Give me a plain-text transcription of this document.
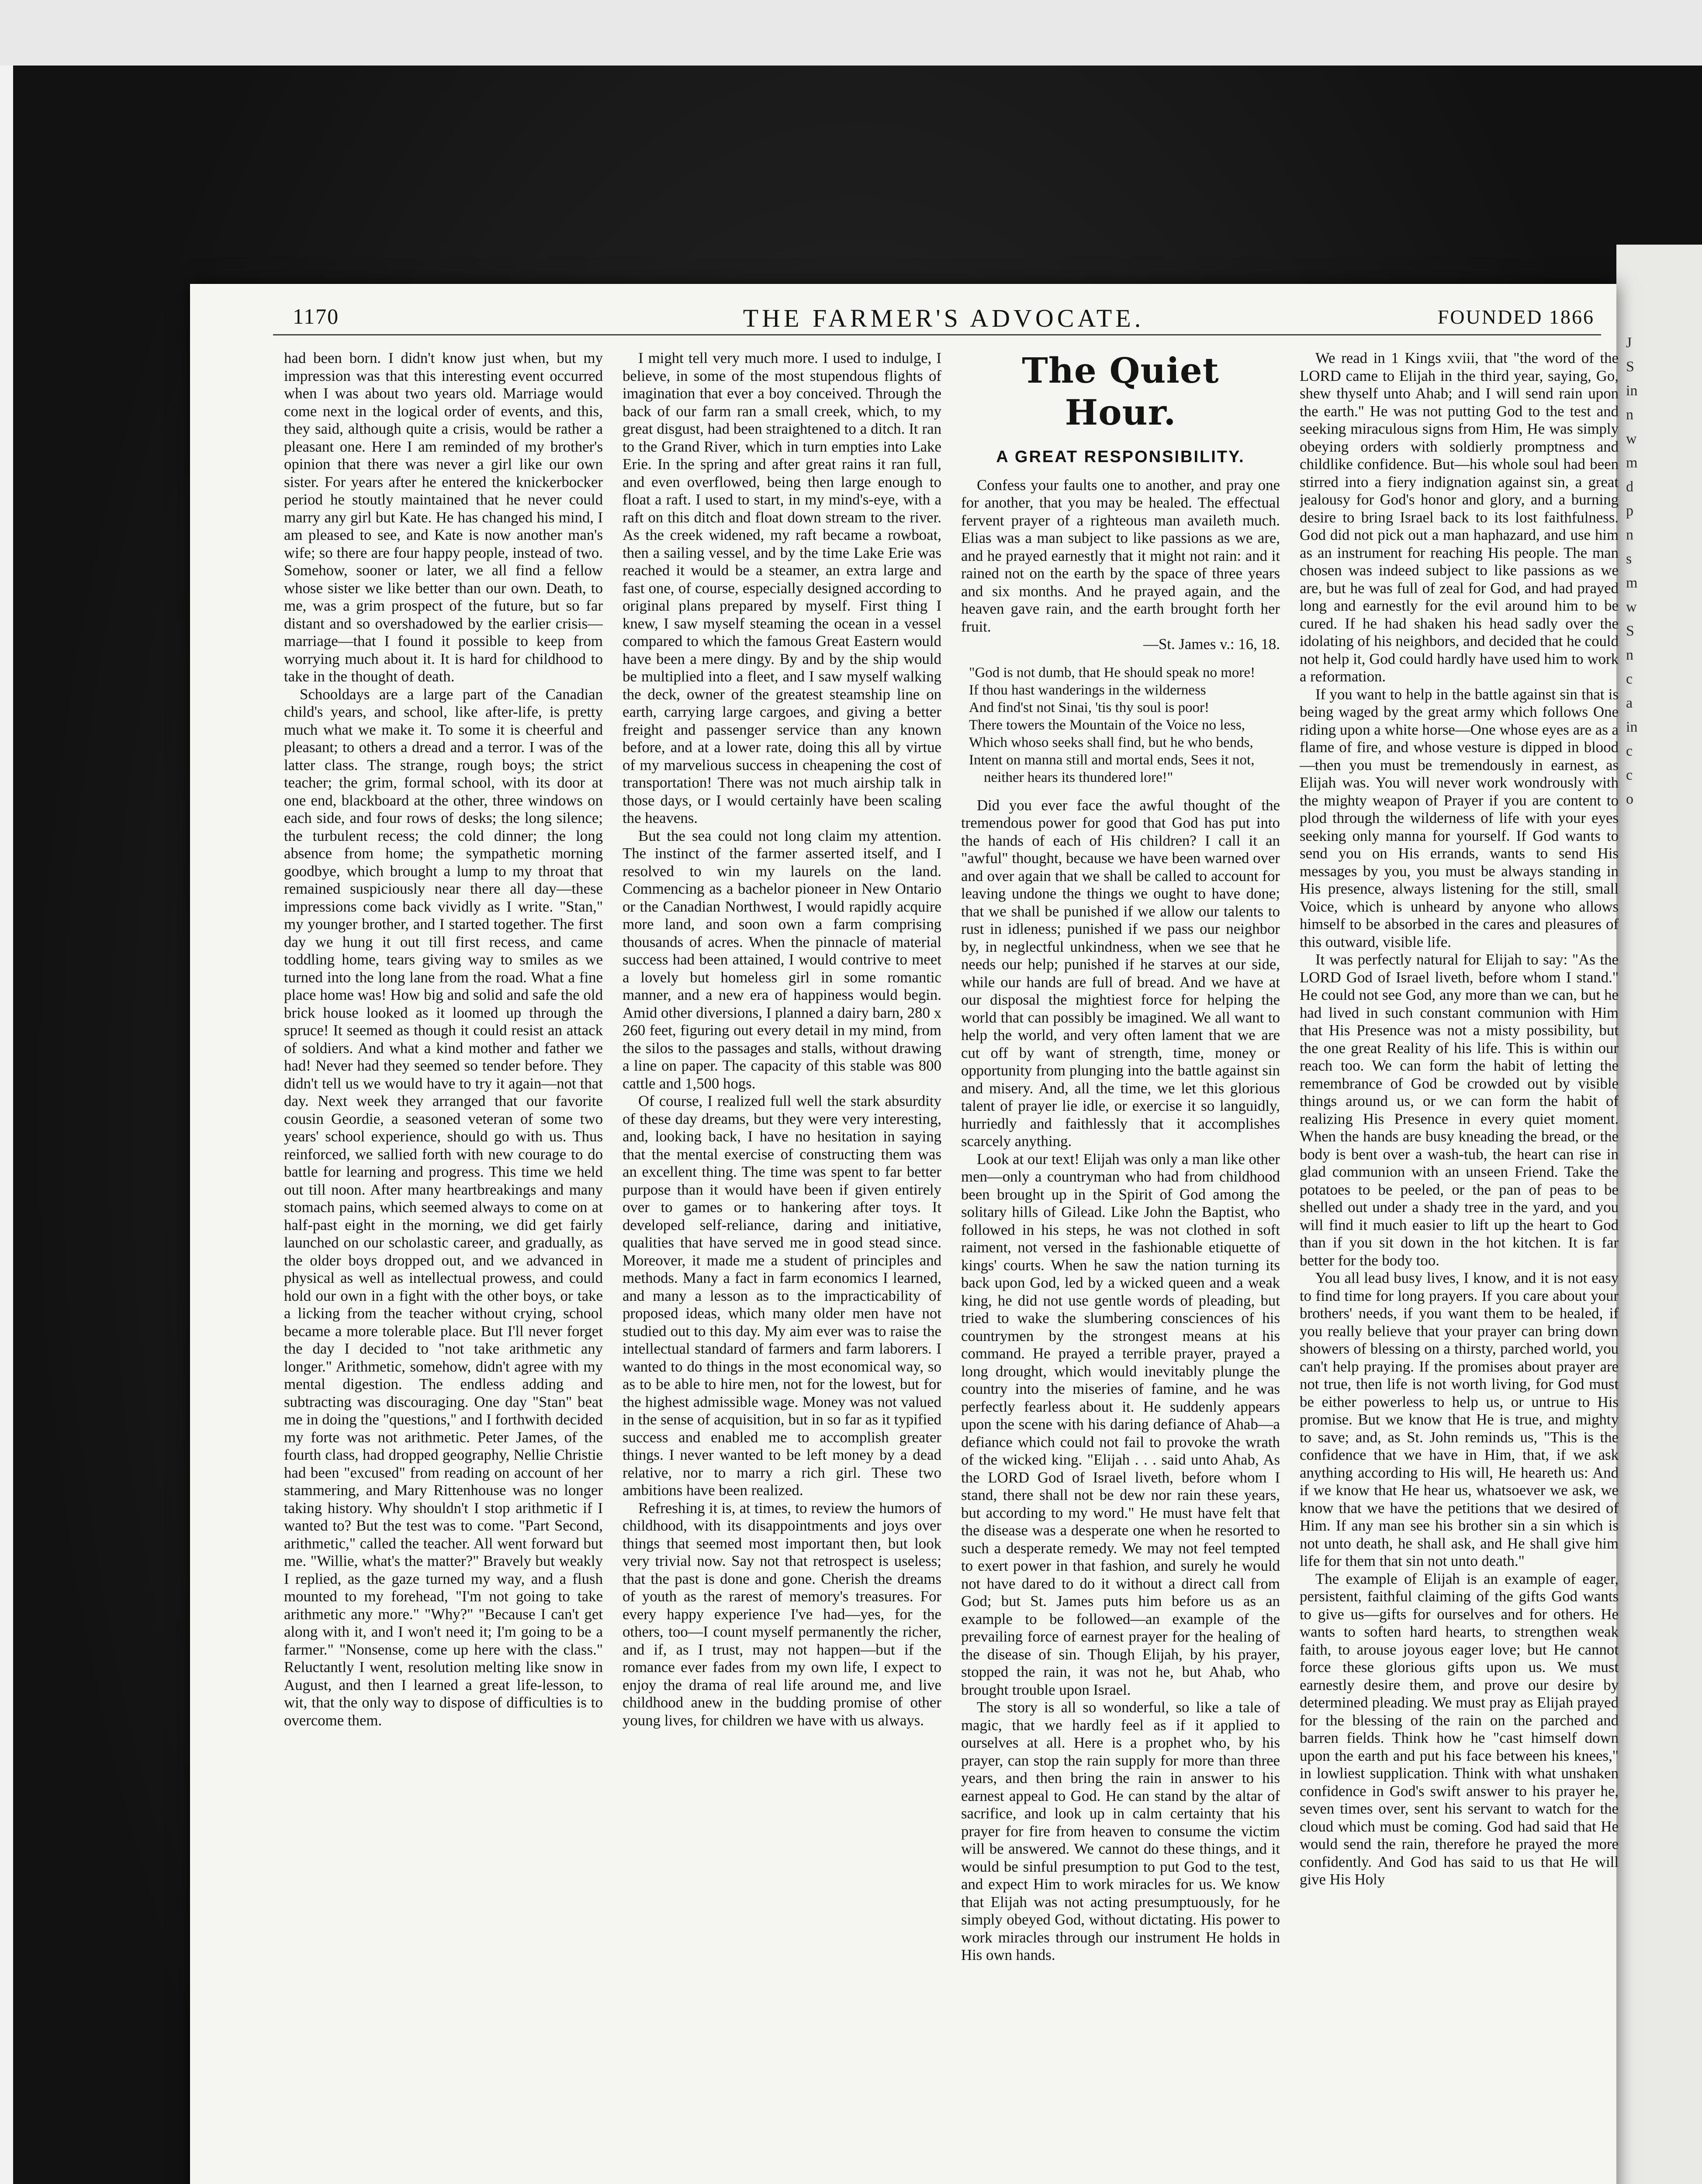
J
S
in
n
w
m
d
p
n
s
m
w
S
n
c
a
in
c
c
o
1170	THE FARMER'S ADVOCATE.	FOUNDED 1866

had been born. I didn't know just when, but my impression was that this interesting event occurred when I was about two years old. Marriage would come next in the logical order of events, and this, they said, although quite a crisis, would be rather a pleasant one. Here I am reminded of my brother's opinion that there was never a girl like our own sister. For years after he entered the knickerbocker period he stoutly maintained that he never could marry any girl but Kate. He has changed his mind, I am pleased to see, and Kate is now another man's wife; so there are four happy people, instead of two. Somehow, sooner or later, we all find a fellow whose sister we like better than our own. Death, to me, was a grim prospect of the future, but so far distant and so overshadowed by the earlier crisis—marriage—that I found it possible to keep from worrying much about it. It is hard for childhood to take in the thought of death.

Schooldays are a large part of the Canadian child's years, and school, like after-life, is pretty much what we make it. To some it is cheerful and pleasant; to others a dread and a terror. I was of the latter class. The strange, rough boys; the strict teacher; the grim, formal school, with its door at one end, blackboard at the other, three windows on each side, and four rows of desks; the long silence; the turbulent recess; the cold dinner; the long absence from home; the sympathetic morning goodbye, which brought a lump to my throat that remained suspiciously near there all day—these impressions come back vividly as I write. "Stan," my younger brother, and I started together. The first day we hung it out till first recess, and came toddling home, tears giving way to smiles as we turned into the long lane from the road. What a fine place home was! How big and solid and safe the old brick house looked as it loomed up through the spruce! It seemed as though it could resist an attack of soldiers. And what a kind mother and father we had! Never had they seemed so tender before. They didn't tell us we would have to try it again—not that day. Next week they arranged that our favorite cousin Geordie, a seasoned veteran of some two years' school experience, should go with us. Thus reinforced, we sallied forth with new courage to do battle for learning and progress. This time we held out till noon. After many heartbreakings and many stomach pains, which seemed always to come on at half-past eight in the morning, we did get fairly launched on our scholastic career, and gradually, as the older boys dropped out, and we advanced in physical as well as intellectual prowess, and could hold our own in a fight with the other boys, or take a licking from the teacher without crying, school became a more tolerable place. But I'll never forget the day I decided to "not take arithmetic any longer." Arithmetic, somehow, didn't agree with my mental digestion. The endless adding and subtracting was discouraging. One day "Stan" beat me in doing the "questions," and I forthwith decided my forte was not arithmetic. Peter James, of the fourth class, had dropped geography, Nellie Christie had been "excused" from reading on account of her stammering, and Mary Rittenhouse was no longer taking history. Why shouldn't I stop arithmetic if I wanted to? But the test was to come. "Part Second, arithmetic," called the teacher. All went forward but me. "Willie, what's the matter?" Bravely but weakly I replied, as the gaze turned my way, and a flush mounted to my forehead, "I'm not going to take arithmetic any more." "Why?" "Because I can't get along with it, and I won't need it; I'm going to be a farmer." "Nonsense, come up here with the class." Reluctantly I went, resolution melting like snow in August, and then I learned a great life-lesson, to wit, that the only way to dispose of difficulties is to overcome them.

I might tell very much more. I used to indulge, I believe, in some of the most stupendous flights of imagination that ever a boy conceived. Through the back of our farm ran a small creek, which, to my great disgust, had been straightened to a ditch. It ran to the Grand River, which in turn empties into Lake Erie. In the spring and after great rains it ran full, and even overflowed, being then large enough to float a raft. I used to start, in my mind's-eye, with a raft on this ditch and float down stream to the river. As the creek widened, my raft became a rowboat, then a sailing vessel, and by the time Lake Erie was reached it would be a steamer, an extra large and fast one, of course, especially designed according to original plans prepared by myself. First thing I knew, I saw myself steaming the ocean in a vessel compared to which the famous Great Eastern would have been a mere dingy. By and by the ship would be multiplied into a fleet, and I saw myself walking the deck, owner of the greatest steamship line on earth, carrying large cargoes, and giving a better freight and passenger service than any known before, and at a lower rate, doing this all by virtue of my marvelious success in cheapening the cost of transportation! There was not much airship talk in those days, or I would certainly have been scaling the heavens.

But the sea could not long claim my attention. The instinct of the farmer asserted itself, and I resolved to win my laurels on the land. Commencing as a bachelor pioneer in New Ontario or the Canadian Northwest, I would rapidly acquire more land, and soon own a farm comprising thousands of acres. When the pinnacle of material success had been attained, I would contrive to meet a lovely but homeless girl in some romantic manner, and a new era of happiness would begin. Amid other diversions, I planned a dairy barn, 280 x 260 feet, figuring out every detail in my mind, from the silos to the passages and stalls, without drawing a line on paper. The capacity of this stable was 800 cattle and 1,500 hogs.

Of course, I realized full well the stark absurdity of these day dreams, but they were very interesting, and, looking back, I have no hesitation in saying that the mental exercise of constructing them was an excellent thing. The time was spent to far better purpose than it would have been if given entirely over to games or to hankering after toys. It developed self-reliance, daring and initiative, qualities that have served me in good stead since. Moreover, it made me a student of principles and methods. Many a fact in farm economics I learned, and many a lesson as to the impracticability of proposed ideas, which many older men have not studied out to this day. My aim ever was to raise the intellectual standard of farmers and farm laborers. I wanted to do things in the most economical way, so as to be able to hire men, not for the lowest, but for the highest admissible wage. Money was not valued in the sense of acquisition, but in so far as it typified success and enabled me to accomplish greater things. I never wanted to be left money by a dead relative, nor to marry a rich girl. These two ambitions have been realized.

Refreshing it is, at times, to review the humors of childhood, with its disappointments and joys over things that seemed most important then, but look very trivial now. Say not that retrospect is useless; that the past is done and gone. Cherish the dreams of youth as the rarest of memory's treasures. For every happy experience I've had—yes, for the others, too—I count myself permanently the richer, and if, as I trust, may not happen—but if the romance ever fades from my own life, I expect to enjoy the drama of real life around me, and live childhood anew in the budding promise of other young lives, for children we have with us always.

The Quiet Hour.
A GREAT RESPONSIBILITY.

Confess your faults one to another, and pray one for another, that you may be healed. The effectual fervent prayer of a righteous man availeth much. Elias was a man subject to like passions as we are, and he prayed earnestly that it might not rain: and it rained not on the earth by the space of three years and six months. And he prayed again, and the heaven gave rain, and the earth brought forth her fruit.

—St. James v.: 16, 18.
"God is not dumb, that He should speak no more!
If thou hast wanderings in the wilderness
And find'st not Sinai, 'tis thy soul is poor!
There towers the Mountain of the Voice no less,
Which whoso seeks shall find, but he who bends,
Intent on manna still and mortal ends, Sees it not, neither hears its thundered lore!"

Did you ever face the awful thought of the tremendous power for good that God has put into the hands of each of His children? I call it an "awful" thought, because we have been warned over and over again that we shall be called to account for leaving undone the things we ought to have done; that we shall be punished if we allow our talents to rust in idleness; punished if we pass our neighbor by, in neglectful unkindness, when we see that he needs our help; punished if he starves at our side, while our hands are full of bread. And we have at our disposal the mightiest force for helping the world that can possibly be imagined. We all want to help the world, and very often lament that we are cut off by want of strength, time, money or opportunity from plunging into the battle against sin and misery. And, all the time, we let this glorious talent of prayer lie idle, or exercise it so languidly, hurriedly and faithlessly that it accomplishes scarcely anything.

Look at our text! Elijah was only a man like other men—only a countryman who had from childhood been brought up in the Spirit of God among the solitary hills of Gilead. Like John the Baptist, who followed in his steps, he was not clothed in soft raiment, not versed in the fashionable etiquette of kings' courts. When he saw the nation turning its back upon God, led by a wicked queen and a weak king, he did not use gentle words of pleading, but tried to wake the slumbering consciences of his countrymen by the strongest means at his command. He prayed a terrible prayer, prayed a long drought, which would inevitably plunge the country into the miseries of famine, and he was perfectly fearless about it. He suddenly appears upon the scene with his daring defiance of Ahab—a defiance which could not fail to provoke the wrath of the wicked king. "Elijah . . . said unto Ahab, As the LORD God of Israel liveth, before whom I stand, there shall not be dew nor rain these years, but according to my word." He must have felt that the disease was a desperate one when he resorted to such a desperate remedy. We may not feel tempted to exert power in that fashion, and surely he would not have dared to do it without a direct call from God; but St. James puts him before us as an example to be followed—an example of the prevailing force of earnest prayer for the healing of the disease of sin. Though Elijah, by his prayer, stopped the rain, it was not he, but Ahab, who brought trouble upon Israel.

The story is all so wonderful, so like a tale of magic, that we hardly feel as if it applied to ourselves at all. Here is a prophet who, by his prayer, can stop the rain supply for more than three years, and then bring the rain in answer to his earnest appeal to God. He can stand by the altar of sacrifice, and look up in calm certainty that his prayer for fire from heaven to consume the victim will be answered. We cannot do these things, and it would be sinful presumption to put God to the test, and expect Him to work miracles for us. We know that Elijah was not acting presumptuously, for he simply obeyed God, without dictating. His power to work miracles through our instrument He holds in His own hands.

We read in 1 Kings xviii, that "the word of the LORD came to Elijah in the third year, saying, Go, shew thyself unto Ahab; and I will send rain upon the earth." He was not putting God to the test and seeking miraculous signs from Him, He was simply obeying orders with soldierly promptness and childlike confidence. But—his whole soul had been stirred into a fiery indignation against sin, a great jealousy for God's honor and glory, and a burning desire to bring Israel back to its lost faithfulness. God did not pick out a man haphazard, and use him as an instrument for reaching His people. The man chosen was indeed subject to like passions as we are, but he was full of zeal for God, and had prayed long and earnestly for the evil around him to be cured. If he had shaken his head sadly over the idolating of his neighbors, and decided that he could not help it, God could hardly have used him to work a reformation.

If you want to help in the battle against sin that is being waged by the great army which follows One riding upon a white horse—One whose eyes are as a flame of fire, and whose vesture is dipped in blood—then you must be tremendously in earnest, as Elijah was. You will never work wondrously with the mighty weapon of Prayer if you are content to plod through the wilderness of life with your eyes seeking only manna for yourself. If God wants to send you on His errands, wants to send His messages by you, you must be always standing in His presence, always listening for the still, small Voice, which is unheard by anyone who allows himself to be absorbed in the cares and pleasures of this outward, visible life.

It was perfectly natural for Elijah to say: "As the LORD God of Israel liveth, before whom I stand." He could not see God, any more than we can, but he had lived in such constant communion with Him that His Presence was not a misty possibility, but the one great Reality of his life. This is within our reach too. We can form the habit of letting the remembrance of God be crowded out by visible things around us, or we can form the habit of realizing His Presence in every quiet moment. When the hands are busy kneading the bread, or the body is bent over a wash-tub, the heart can rise in glad communion with an unseen Friend. Take the potatoes to be peeled, or the pan of peas to be shelled out under a shady tree in the yard, and you will find it much easier to lift up the heart to God than if you sit down in the hot kitchen. It is far better for the body too.

You all lead busy lives, I know, and it is not easy to find time for long prayers. If you care about your brothers' needs, if you want them to be healed, if you really believe that your prayer can bring down showers of blessing on a thirsty, parched world, you can't help praying. If the promises about prayer are not true, then life is not worth living, for God must be either powerless to help us, or untrue to His promise. But we know that He is true, and mighty to save; and, as St. John reminds us, "This is the confidence that we have in Him, that, if we ask anything according to His will, He heareth us: And if we know that He hear us, whatsoever we ask, we know that we have the petitions that we desired of Him. If any man see his brother sin a sin which is not unto death, he shall ask, and He shall give him life for them that sin not unto death."

The example of Elijah is an example of eager, persistent, faithful claiming of the gifts God wants to give us—gifts for ourselves and for others. He wants to soften hard hearts, to strengthen weak faith, to arouse joyous eager love; but He cannot force these glorious gifts upon us. We must earnestly desire them, and prove our desire by determined pleading. We must pray as Elijah prayed for the blessing of the rain on the parched and barren fields. Think how he "cast himself down upon the earth and put his face between his knees," in lowliest supplication. Think with what unshaken confidence in God's swift answer to his prayer he, seven times over, sent his servant to watch for the cloud which must be coming. God had said that He would send the rain, therefore he prayed the more confidently. And God has said to us that He will give His Holy
